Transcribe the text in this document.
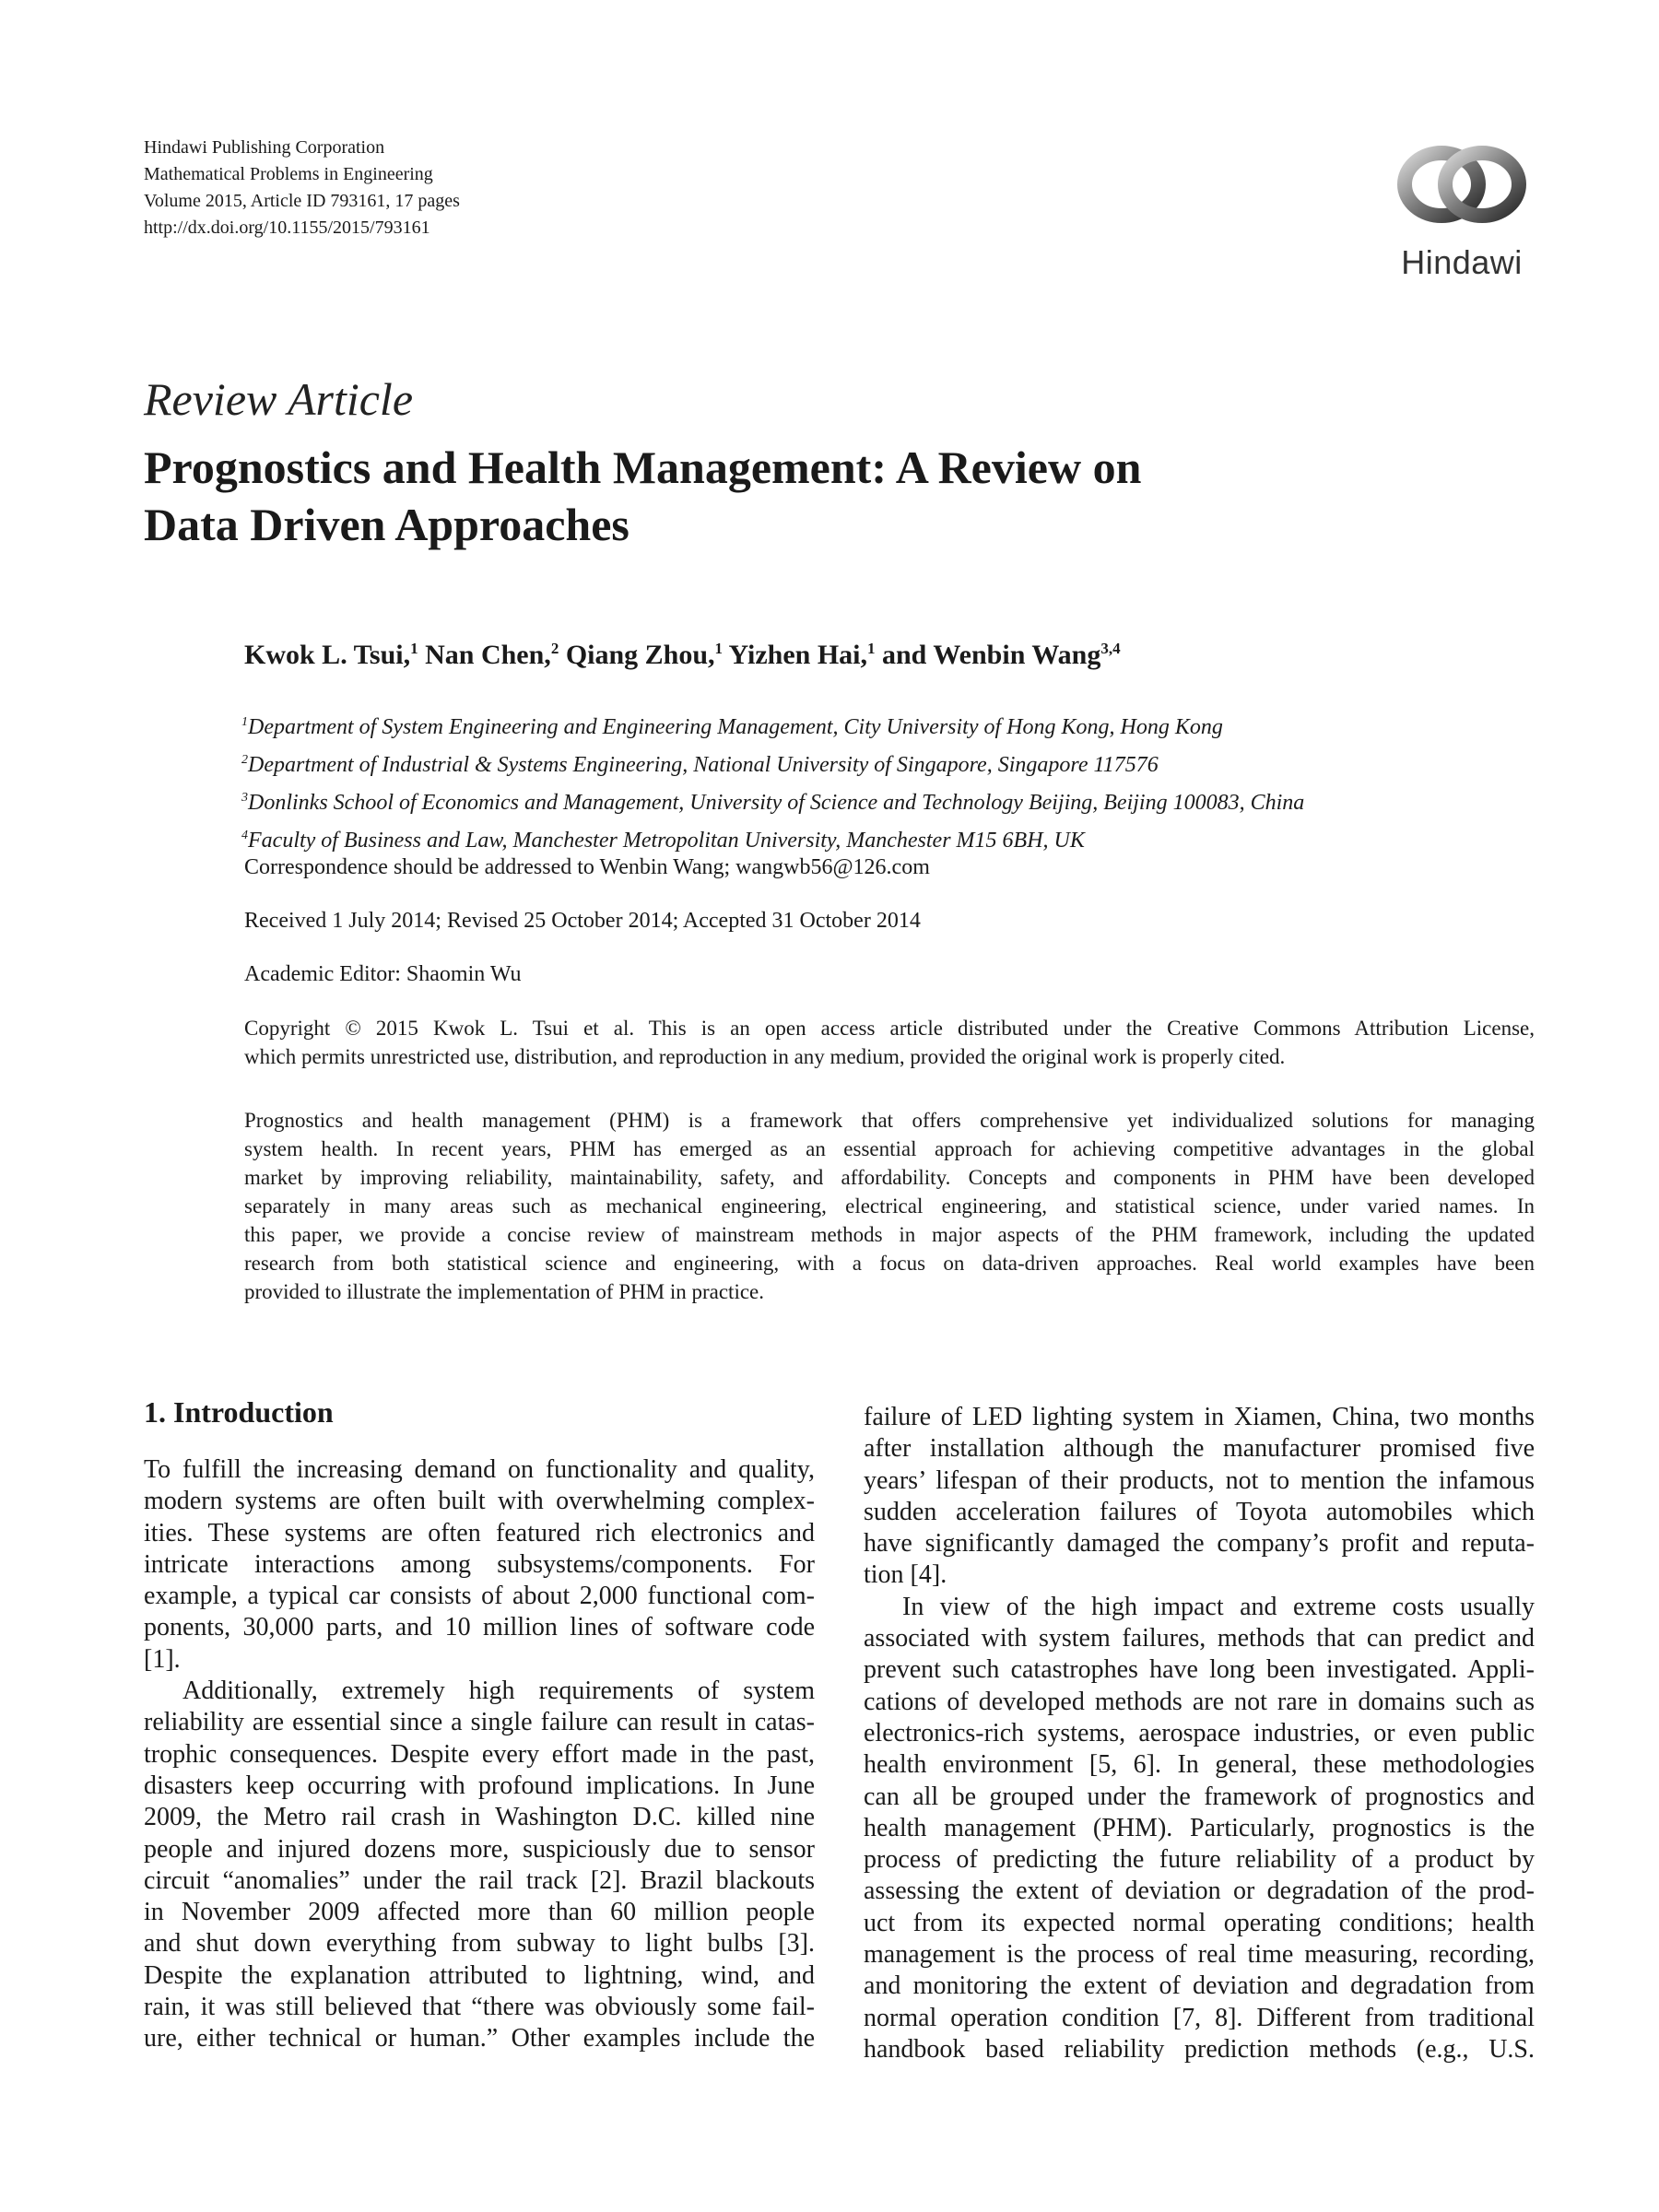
Hindawi Publishing Corporation
Mathematical Problems in Engineering
Volume 2015, Article ID 793161, 17 pages
http://dx.doi.org/10.1155/2015/793161
Hindawi
Review Article
Prognostics and Health Management: A Review on
Data Driven Approaches
Kwok L. Tsui,$^1$ Nan Chen,$^2$ Qiang Zhou,$^1$ Yizhen Hai,$^1$ and Wenbin Wang$^{3,4}$
$^1$Department of System Engineering and Engineering Management, City University of Hong Kong, Hong Kong
$^2$Department of Industrial & Systems Engineering, National University of Singapore, Singapore 117576
$^3$Donlinks School of Economics and Management, University of Science and Technology Beijing, Beijing 100083, China
$^4$Faculty of Business and Law, Manchester Metropolitan University, Manchester M15 6BH, UK
Correspondence should be addressed to Wenbin Wang; wangwb56@126.com
Received 1 July 2014; Revised 25 October 2014; Accepted 31 October 2014
Academic Editor: Shaomin Wu
Copyright © 2015 Kwok L. Tsui et al. This is an open access article distributed under the Creative Commons Attribution License,
which permits unrestricted use, distribution, and reproduction in any medium, provided the original work is properly cited.
Prognostics and health management (PHM) is a framework that offers comprehensive yet individualized solutions for managing
system health. In recent years, PHM has emerged as an essential approach for achieving competitive advantages in the global
market by improving reliability, maintainability, safety, and affordability. Concepts and components in PHM have been developed
separately in many areas such as mechanical engineering, electrical engineering, and statistical science, under varied names. In
this paper, we provide a concise review of mainstream methods in major aspects of the PHM framework, including the updated
research from both statistical science and engineering, with a focus on data-driven approaches. Real world examples have been
provided to illustrate the implementation of PHM in practice.
1. Introduction
To fulfill the increasing demand on functionality and quality,
modern systems are often built with overwhelming complex-
ities. These systems are often featured rich electronics and
intricate interactions among subsystems/components. For
example, a typical car consists of about 2,000 functional com-
ponents, 30,000 parts, and 10 million lines of software code
[1].
Additionally, extremely high requirements of system
reliability are essential since a single failure can result in catas-
trophic consequences. Despite every effort made in the past,
disasters keep occurring with profound implications. In June
2009, the Metro rail crash in Washington D.C. killed nine
people and injured dozens more, suspiciously due to sensor
circuit “anomalies” under the rail track [2]. Brazil blackouts
in November 2009 affected more than 60 million people
and shut down everything from subway to light bulbs [3].
Despite the explanation attributed to lightning, wind, and
rain, it was still believed that “there was obviously some fail-
ure, either technical or human.” Other examples include the
failure of LED lighting system in Xiamen, China, two months
after installation although the manufacturer promised five
years’ lifespan of their products, not to mention the infamous
sudden acceleration failures of Toyota automobiles which
have significantly damaged the company’s profit and reputa-
tion [4].
In view of the high impact and extreme costs usually
associated with system failures, methods that can predict and
prevent such catastrophes have long been investigated. Appli-
cations of developed methods are not rare in domains such as
electronics-rich systems, aerospace industries, or even public
health environment [5, 6]. In general, these methodologies
can all be grouped under the framework of prognostics and
health management (PHM). Particularly, prognostics is the
process of predicting the future reliability of a product by
assessing the extent of deviation or degradation of the prod-
uct from its expected normal operating conditions; health
management is the process of real time measuring, recording,
and monitoring the extent of deviation and degradation from
normal operation condition [7, 8]. Different from traditional
handbook based reliability prediction methods (e.g., U.S.
